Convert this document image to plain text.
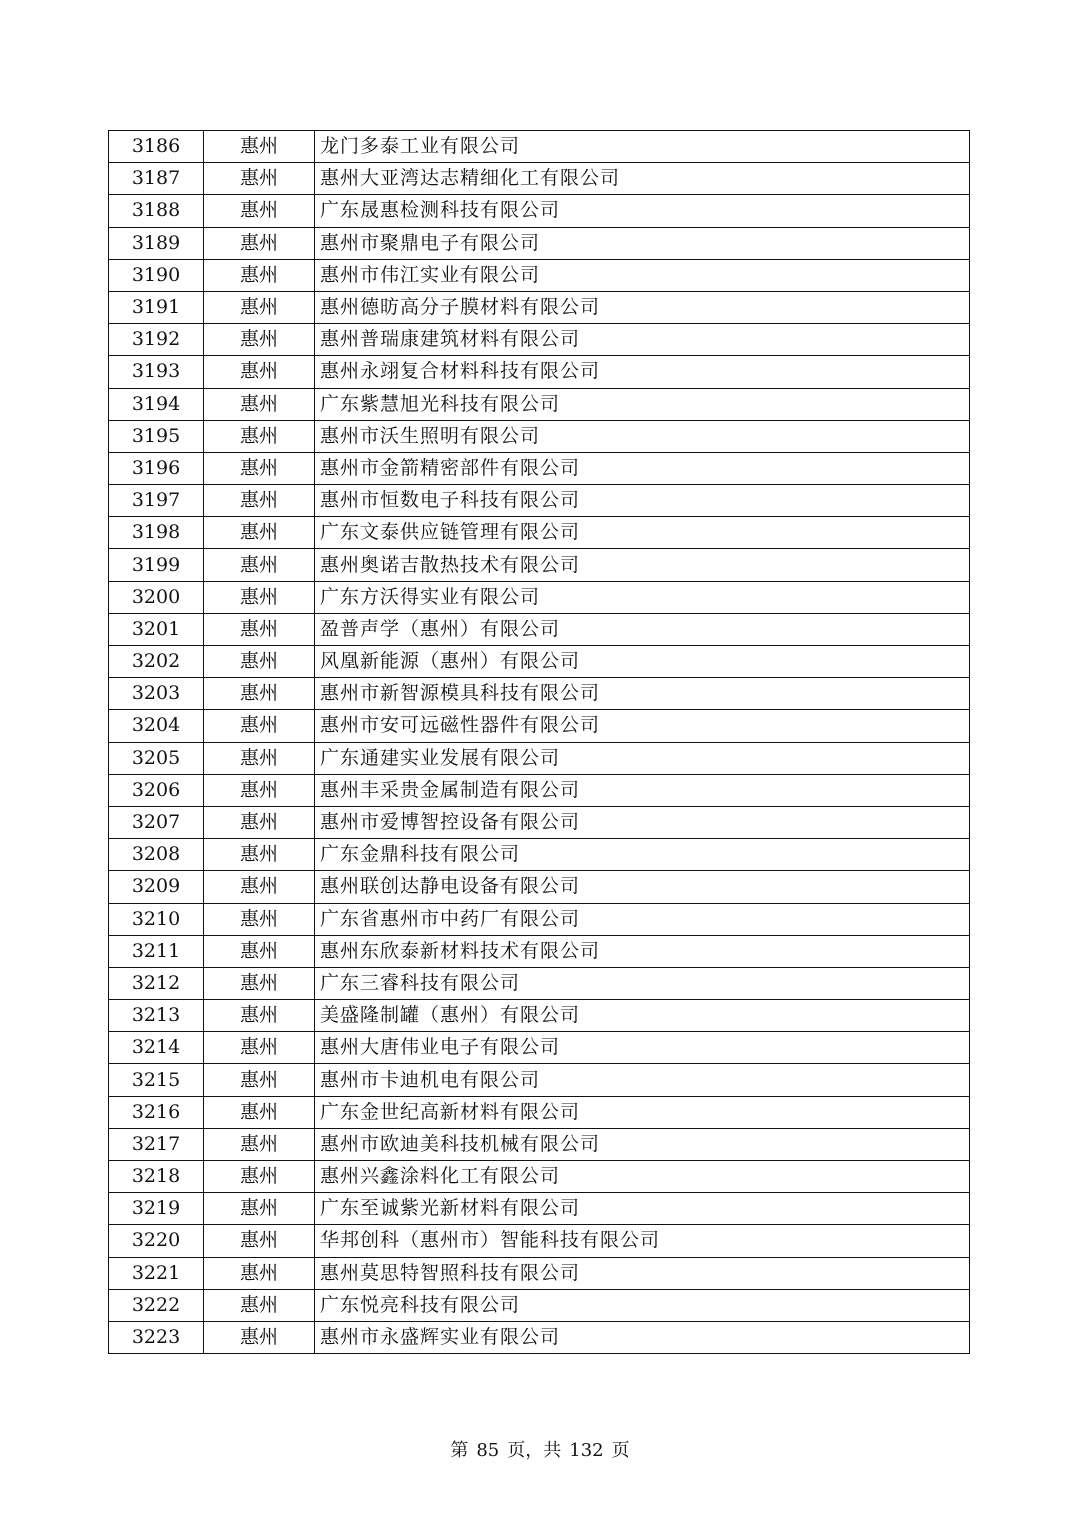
3186	惠州	龙门多泰工业有限公司
3187	惠州	惠州大亚湾达志精细化工有限公司
3188	惠州	广东晟惠检测科技有限公司
3189	惠州	惠州市聚鼎电子有限公司
3190	惠州	惠州市伟江实业有限公司
3191	惠州	惠州德昉高分子膜材料有限公司
3192	惠州	惠州普瑞康建筑材料有限公司
3193	惠州	惠州永翊复合材料科技有限公司
3194	惠州	广东紫慧旭光科技有限公司
3195	惠州	惠州市沃生照明有限公司
3196	惠州	惠州市金箭精密部件有限公司
3197	惠州	惠州市恒数电子科技有限公司
3198	惠州	广东文泰供应链管理有限公司
3199	惠州	惠州奥诺吉散热技术有限公司
3200	惠州	广东方沃得实业有限公司
3201	惠州	盈普声学（惠州）有限公司
3202	惠州	风凰新能源（惠州）有限公司
3203	惠州	惠州市新智源模具科技有限公司
3204	惠州	惠州市安可远磁性器件有限公司
3205	惠州	广东通建实业发展有限公司
3206	惠州	惠州丰采贵金属制造有限公司
3207	惠州	惠州市爱博智控设备有限公司
3208	惠州	广东金鼎科技有限公司
3209	惠州	惠州联创达静电设备有限公司
3210	惠州	广东省惠州市中药厂有限公司
3211	惠州	惠州东欣泰新材料技术有限公司
3212	惠州	广东三睿科技有限公司
3213	惠州	美盛隆制罐（惠州）有限公司
3214	惠州	惠州大唐伟业电子有限公司
3215	惠州	惠州市卡迪机电有限公司
3216	惠州	广东金世纪高新材料有限公司
3217	惠州	惠州市欧迪美科技机械有限公司
3218	惠州	惠州兴鑫涂料化工有限公司
3219	惠州	广东至诚紫光新材料有限公司
3220	惠州	华邦创科（惠州市）智能科技有限公司
3221	惠州	惠州莫思特智照科技有限公司
3222	惠州	广东悦亮科技有限公司
3223	惠州	惠州市永盛辉实业有限公司
第 85 页，共 132 页
